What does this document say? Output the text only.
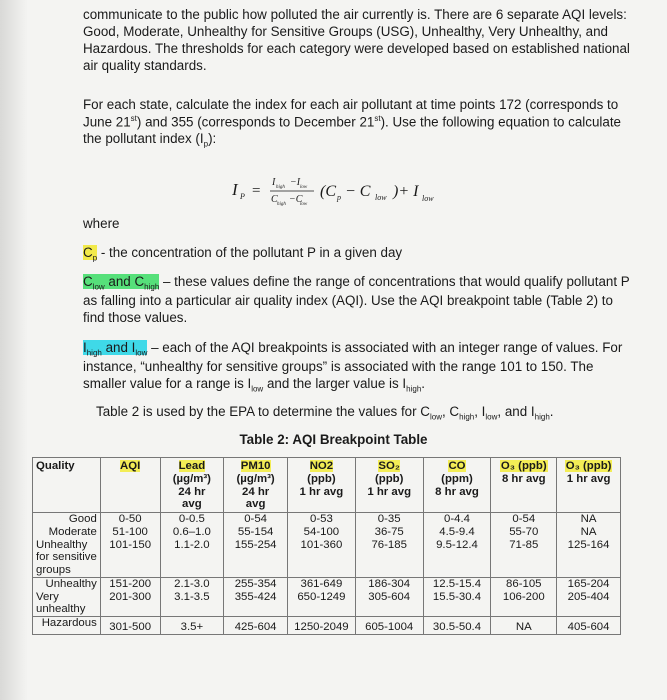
communicate to the public how polluted the air currently is. There are 6 separate AQI levels: Good, Moderate, Unhealthy for Sensitive Groups (USG), Unhealthy, Very Unhealthy, and Hazardous. The thresholds for each category were developed based on established national air quality standards.

For each state, calculate the index for each air pollutant at time points 172 (corresponds to June 21st) and 355 (corresponds to December 21st). Use the following equation to calculate the pollutant index $(I_p)$:

I P =
I high −I low
C high −C
low
(C p − C low )+ I low

where

$C_p$ - the concentration of the pollutant P in a given day

$C_{low}$ and $C_{high}$ – these values define the range of concentrations that would qualify pollutant P as falling into a particular air quality index (AQI). Use the AQI breakpoint table (Table 2) to find those values.

$I_{high}$ and $I_{low}$ – each of the AQI breakpoints is associated with an integer range of values. For instance, “unhealthy for sensitive groups” is associated with the range 101 to 150. The smaller value for a range is $I_{low}$ and the larger value is $I_{high}$.

Table 2 is used by the EPA to determine the values for $C_{low}$, $C_{high}$, $I_{low}$, and $I_{high}$.

Table 2: AQI Breakpoint Table
Quality	AQI	Lead
(µg/m³)
24 hr
avg	PM10
(µg/m³)
24 hr
avg	NO2
(ppb)
1 hr avg	SO₂
(ppb)
1 hr avg	CO
(ppm)
8 hr avg	O₃ (ppb)
8 hr avg	O₃ (ppb)
1 hr avg
Good	0-50	0-0.5	0-54	0-53	0-35	0-4.4	0-54	NA
Moderate	51-100	0.6–1.0	55-154	54-100	36-75	4.5-9.4	55-70	NA
Unhealthy for sensitive groups	101-150	1.1-2.0	155-254	101-360	76-185	9.5-12.4	71-85	125-164
Unhealthy	151-200	2.1-3.0	255-354	361-649	186-304	12.5-15.4	86-105	165-204
Very unhealthy	201-300	3.1-3.5	355-424	650-1249	305-604	15.5-30.4	106-200	205-404
Hazardous	301-500	3.5+	425-604	1250-2049	605-1004	30.5-50.4	NA	405-604
